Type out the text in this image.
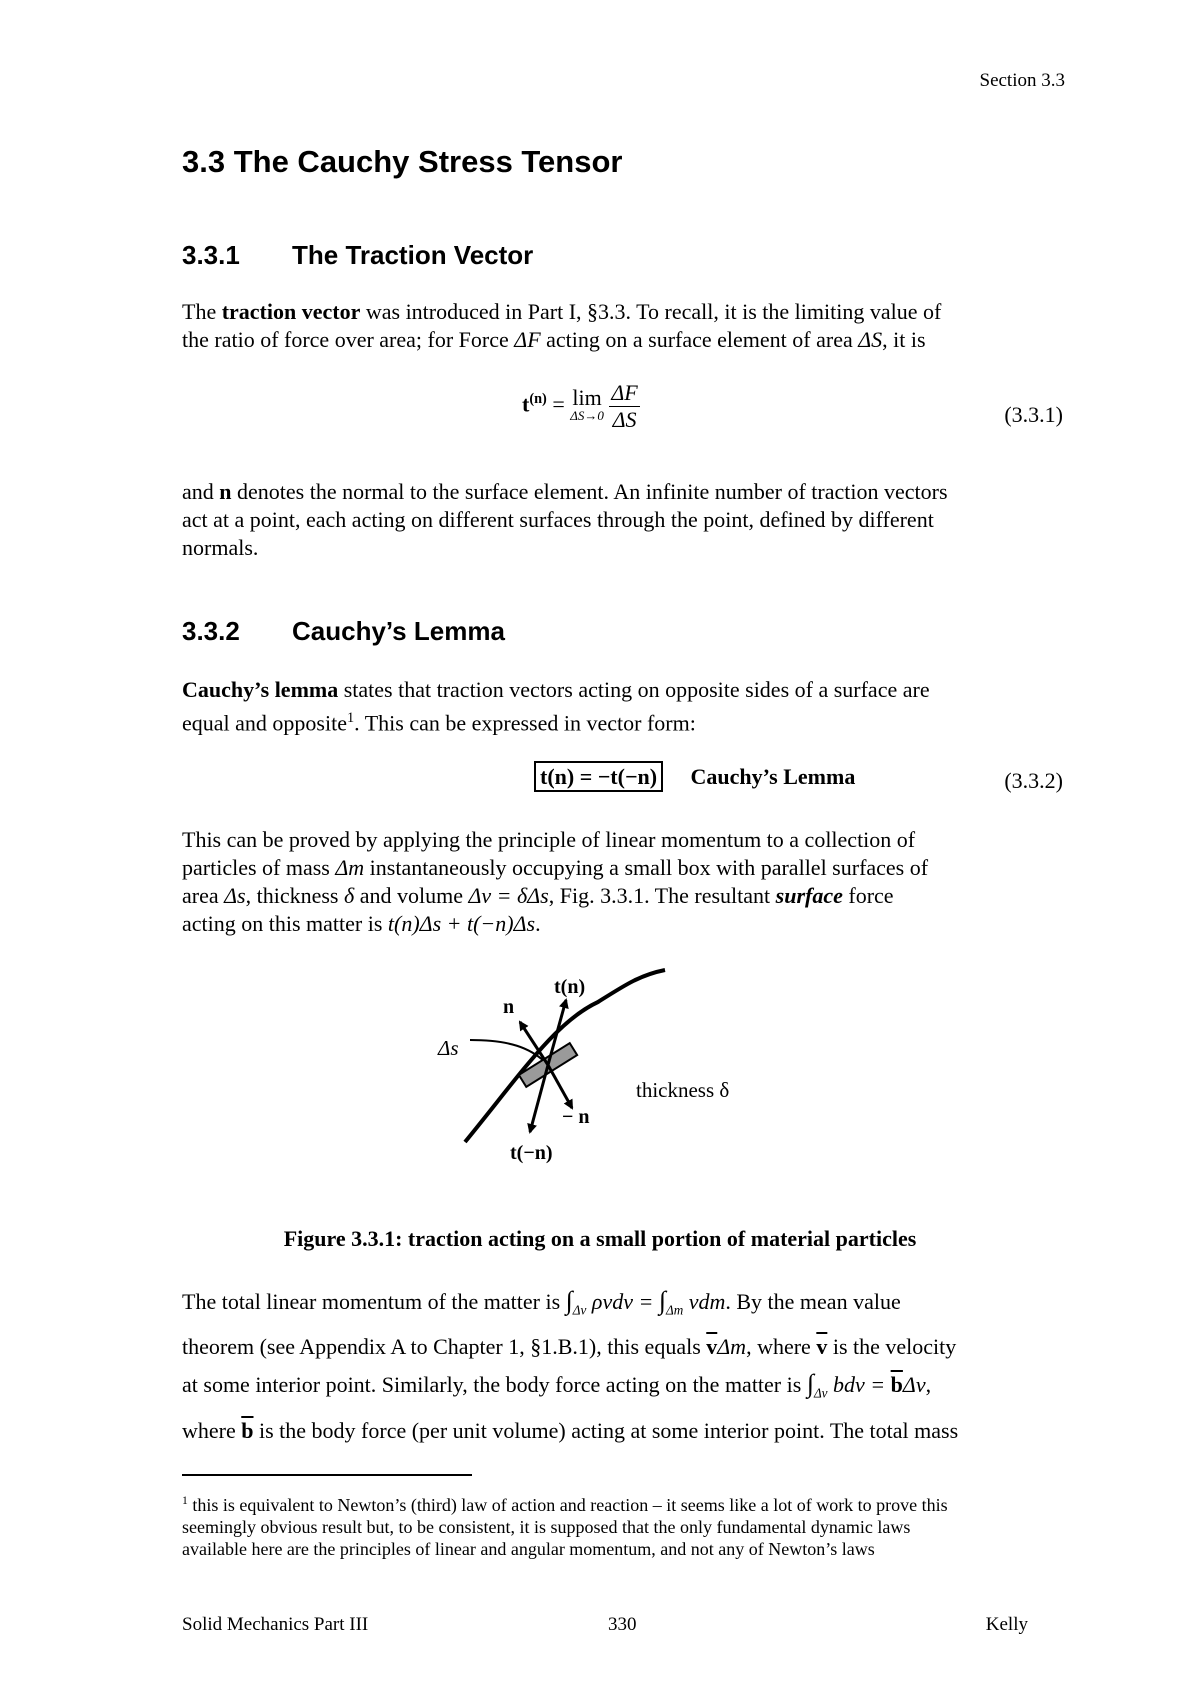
Section 3.3
3.3 The Cauchy Stress Tensor
3.3.1 The Traction Vector
The traction vector was introduced in Part I, §3.3. To recall, it is the limiting value of
the ratio of force over area; for Force ΔF acting on a surface element of area ΔS, it is
$t^{(n)} = \lim$
ΔS→0
$\frac{\Delta F}{\Delta S}$	(3.3.1)
and n denotes the normal to the surface element. An infinite number of traction vectors
act at a point, each acting on different surfaces through the point, defined by different
normals.
3.3.2 Cauchy’s Lemma
Cauchy’s lemma states that traction vectors acting on opposite sides of a surface are
equal and opposite$^1$. This can be expressed in vector form:
t(n) = −t(−n) Cauchy’s Lemma	(3.3.2)
This can be proved by applying the principle of linear momentum to a collection of
particles of mass Δm instantaneously occupying a small box with parallel surfaces of
area Δs, thickness δ and volume Δv = δΔs, Fig. 3.3.1. The resultant surface force
acting on this matter is t(n)Δs + t(−n)Δs.
t(n)
n
Δs
thickness δ
− n
t(−n)
Figure 3.3.1: traction acting on a small portion of material particles
The total linear momentum of the matter is $\int_{\Delta v}$ $\rho vdv = \int_{\Delta m}$ vdm. By the mean value
theorem (see Appendix A to Chapter 1, §1.B.1), this equals $\overline{v}\Delta m$, where $\overline{v}$ is the velocity
at some interior point. Similarly, the body force acting on the matter is $\int_{\Delta v}$ bdv = $\overline{b}\Delta v$,
where $\overline{b}$ is the body force (per unit volume) acting at some interior point. The total mass
$^1$ this is equivalent to Newton’s (third) law of action and reaction – it seems like a lot of work to prove this
seemingly obvious result but, to be consistent, it is supposed that the only fundamental dynamic laws
available here are the principles of linear and angular momentum, and not any of Newton’s laws
Solid Mechanics Part III	330	Kelly
